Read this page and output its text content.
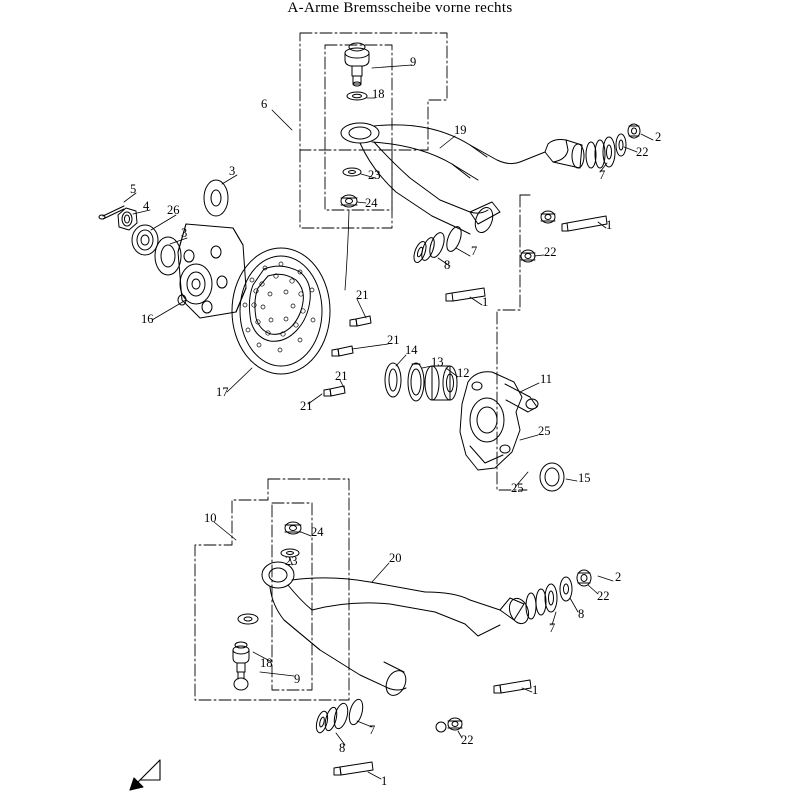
A-Arme Bremsscheibe vorne rechts
9
18
6
19	2
22
7
23
3
5
4	24
26
1
3
7
8
22
21
16
1
21
14
13
12	11
21
17
21
25
15
25
10
24
23	20
2
22
7
8
18
9
1
7
22
8
1
